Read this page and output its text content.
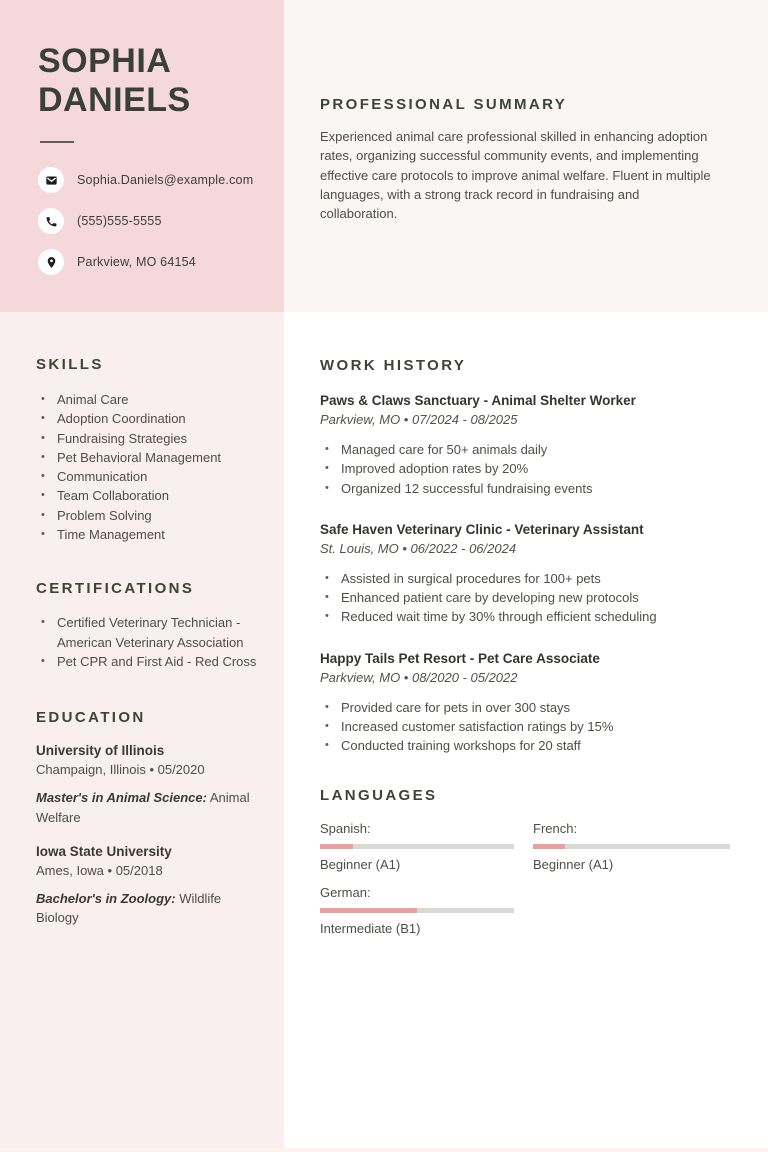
SOPHIA
DANIELS
Sophia.Daniels@example.com
(555)555-5555
Parkview, MO 64154
SKILLS
• Animal Care
• Adoption Coordination
• Fundraising Strategies
• Pet Behavioral Management
• Communication
• Team Collaboration
• Problem Solving
• Time Management
CERTIFICATIONS
• Certified Veterinary Technician - American Veterinary Association
• Pet CPR and First Aid - Red Cross
EDUCATION
University of Illinois
Champaign, Illinois • 05/2020
Master's in Animal Science: Animal Welfare
Iowa State University
Ames, Iowa • 05/2018
Bachelor's in Zoology: Wildlife Biology
PROFESSIONAL SUMMARY

Experienced animal care professional skilled in enhancing adoption rates, organizing successful community events, and implementing effective care protocols to improve animal welfare. Fluent in multiple languages, with a strong track record in fundraising and collaboration.

WORK HISTORY
Paws & Claws Sanctuary - Animal Shelter Worker
Parkview, MO • 07/2024 - 08/2025
• Managed care for 50+ animals daily
• Improved adoption rates by 20%
• Organized 12 successful fundraising events
Safe Haven Veterinary Clinic - Veterinary Assistant
St. Louis, MO • 06/2022 - 06/2024
• Assisted in surgical procedures for 100+ pets
• Enhanced patient care by developing new protocols
• Reduced wait time by 30% through efficient scheduling
Happy Tails Pet Resort - Pet Care Associate
Parkview, MO • 08/2020 - 05/2022
• Provided care for pets in over 300 stays
• Increased customer satisfaction ratings by 15%
• Conducted training workshops for 20 staff
LANGUAGES
Spanish:
Beginner (A1)
French:
Beginner (A1)
German:
Intermediate (B1)
